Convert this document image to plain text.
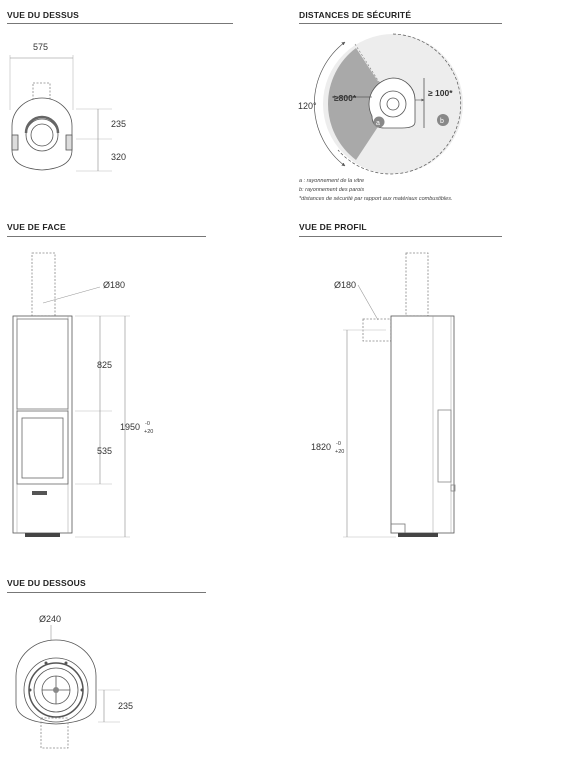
VUE DU DESSUS	DISTANCES DE SÉCURITÉ
VUE DE FACE	VUE DE PROFIL
VUE DU DESSOUS
575
235
320
120°
≥800*	≥ 100*
a	b
Ø180
825
535
1950 -0
+20
Ø180
1820 -0
+20
Ø240
235
a : rayonnement de la vitre
b: rayonnement des parois
*distances de sécurité par rapport aux matériaux combustibles.
